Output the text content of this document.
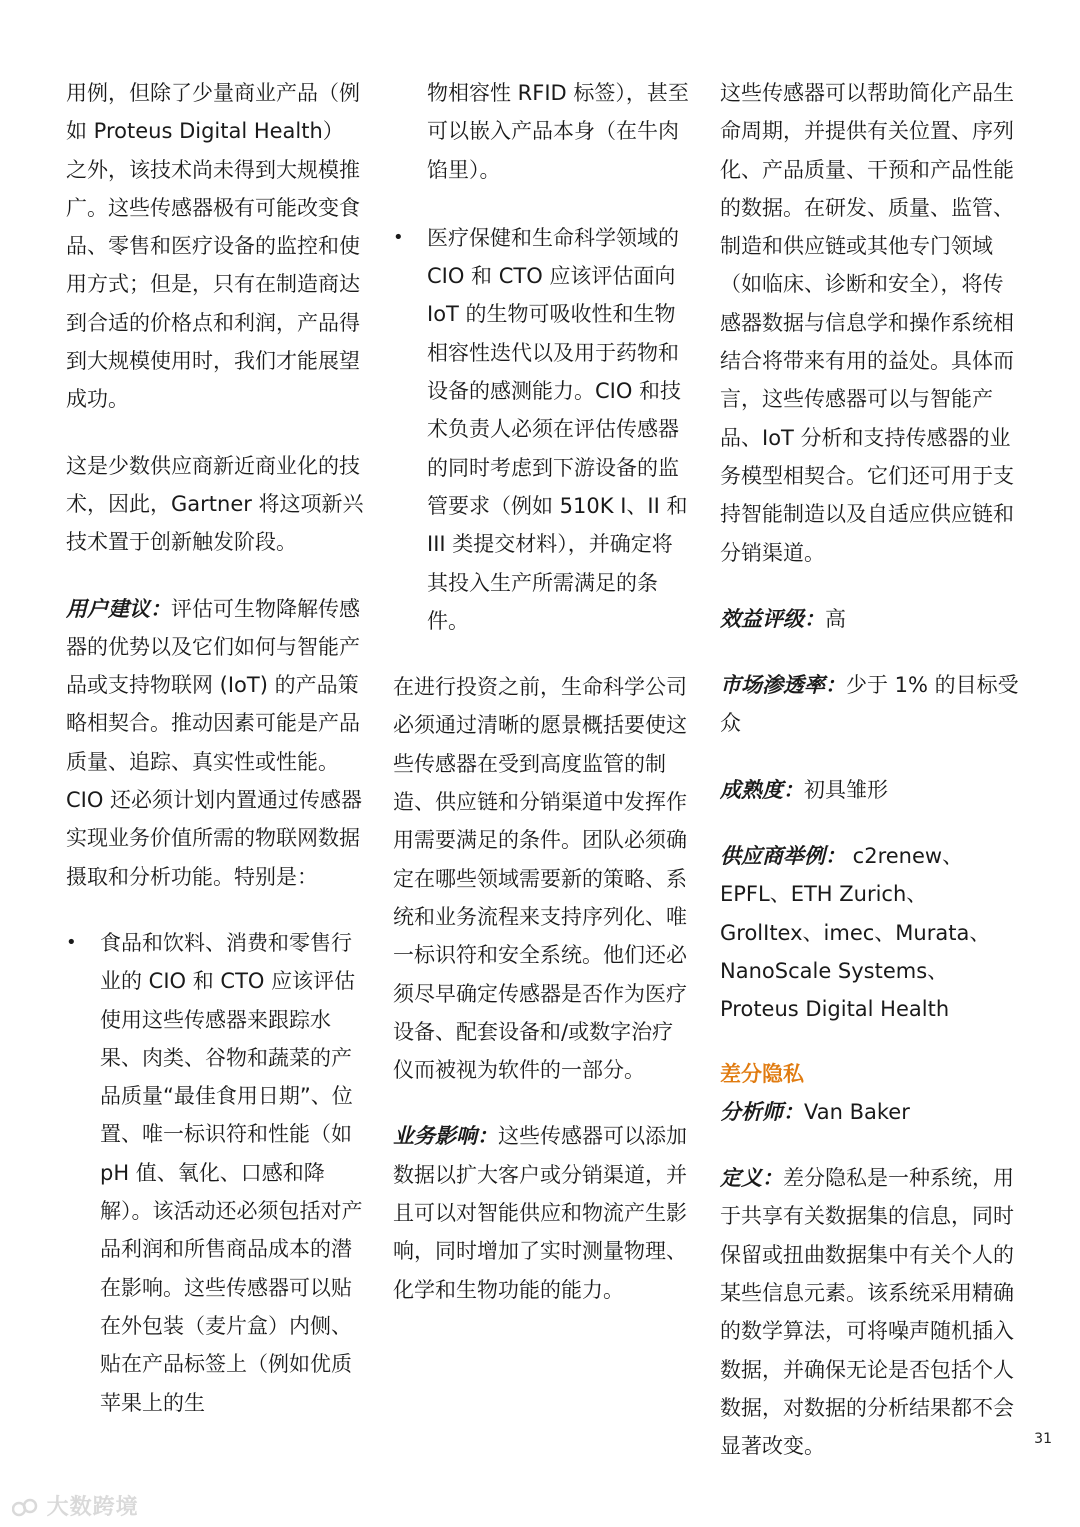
用例，但除了少量商业产品（例如 Proteus Digital Health）之外，该技术尚未得到大规模推广。这些传感器极有可能改变食品、零售和医疗设备的监控和使用方式；但是，只有在制造商达到合适的价格点和利润，产品得到大规模使用时，我们才能展望成功。

这是少数供应商新近商业化的技术，因此，Gartner 将这项新兴技术置于创新触发阶段。

用户建议：评估可生物降解传感器的优势以及它们如何与智能产品或支持物联网 (IoT) 的产品策略相契合。推动因素可能是产品质量、追踪、真实性或性能。CIO 还必须计划内置通过传感器实现业务价值所需的物联网数据摄取和分析功能。特别是：

• 食品和饮料、消费和零售行业的 CIO 和 CTO 应该评估使用这些传感器来跟踪水果、肉类、谷物和蔬菜的产品质量“最佳食用日期”、位置、唯一标识符和性能（如 pH 值、氧化、口感和降解）。该活动还必须包括对产品利润和所售商品成本的潜在影响。这些传感器可以贴在外包装（麦片盒）内侧、贴在产品标签上（例如优质苹果上的生
物相容性 RFID 标签），甚至可以嵌入产品本身（在牛肉馅里）。
• 医疗保健和生命科学领域的 CIO 和 CTO 应该评估面向 IoT 的生物可吸收性和生物相容性迭代以及用于药物和设备的感测能力。CIO 和技术负责人必须在评估传感器的同时考虑到下游设备的监管要求（例如 510K I、II 和 III 类提交材料），并确定将其投入生产所需满足的条件。

在进行投资之前，生命科学公司必须通过清晰的愿景概括要使这些传感器在受到高度监管的制造、供应链和分销渠道中发挥作用需要满足的条件。团队必须确定在哪些领域需要新的策略、系统和业务流程来支持序列化、唯一标识符和安全系统。他们还必须尽早确定传感器是否作为医疗设备、配套设备和/或数字治疗仪而被视为软件的一部分。

业务影响：这些传感器可以添加数据以扩大客户或分销渠道，并且可以对智能供应和物流产生影响，同时增加了实时测量物理、化学和生物功能的能力。

这些传感器可以帮助简化产品生命周期，并提供有关位置、序列化、产品质量、干预和产品性能的数据。在研发、质量、监管、制造和供应链或其他专门领域（如临床、诊断和安全），将传感器数据与信息学和操作系统相结合将带来有用的益处。具体而言，这些传感器可以与智能产品、IoT 分析和支持传感器的业务模型相契合。它们还可用于支持智能制造以及自适应供应链和分销渠道。

效益评级：高

市场渗透率：少于 1% 的目标受众

成熟度：初具雏形

供应商举例： c2renew、EPFL、ETH Zurich、GrolItex、imec、Murata、NanoScale Systems、Proteus Digital Health

差分隐私

分析师：Van Baker

定义：差分隐私是一种系统，用于共享有关数据集的信息，同时保留或扭曲数据集中有关个人的某些信息元素。该系统采用精确的数学算法，可将噪声随机插入数据，并确保无论是否包括个人数据，对数据的分析结果都不会显著改变。	31
大数跨境
